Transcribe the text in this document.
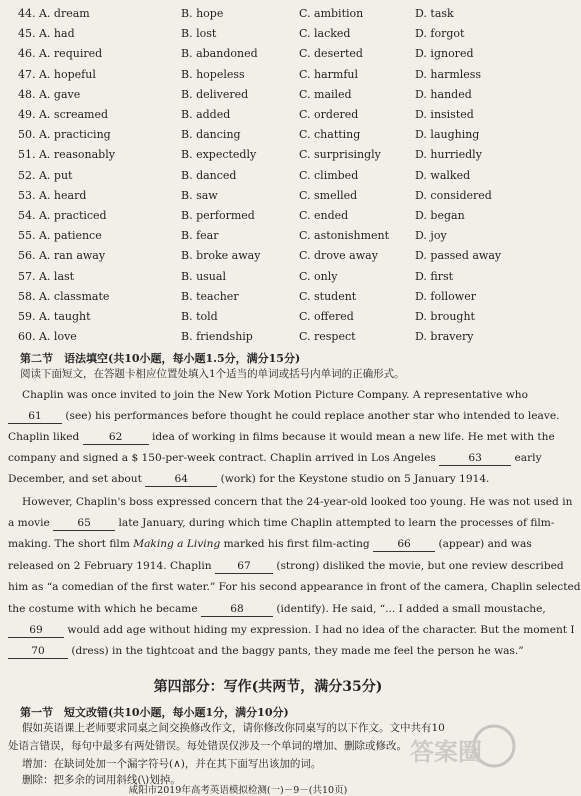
44. A. dream	B. hope	C. ambition	D. task
45. A. had	B. lost	C. lacked	D. forgot
46. A. required	B. abandoned	C. deserted	D. ignored
47. A. hopeful	B. hopeless	C. harmful	D. harmless
48. A. gave	B. delivered	C. mailed	D. handed
49. A. screamed	B. added	C. ordered	D. insisted
50. A. practicing	B. dancing	C. chatting	D. laughing
51. A. reasonably	B. expectedly	C. surprisingly	D. hurriedly
52. A. put	B. danced	C. climbed	D. walked
53. A. heard	B. saw	C. smelled	D. considered
54. A. practiced	B. performed	C. ended	D. began
55. A. patience	B. fear	C. astonishment D. joy
56. A. ran away	B. broke away	C. drove away	D. passed away
57. A. last	B. usual	C. only	D. first
58. A. classmate	B. teacher	C. student	D. follower
59. A. taught	B. told	C. offered	D. brought
60. A. love	B. friendship	C. respect	D. bravery
第二节　语法填空(共10小题，每小题1.5分，满分15分)
阅读下面短文，在答题卡相应位置处填入1个适当的单词或括号内单词的正确形式。
Chaplin was once invited to join the New York Motion Picture Company. A representative who
61 (see) his performances before thought he could replace another star who intended to leave.
Chaplin liked	62	idea of working in films because it would mean a new life. He met with the
company and signed a $ 150-per-week contract. Chaplin arrived in Los Angeles	63	early
December, and set about	64	(work) for the Keystone studio on 5 January 1914.
However, Chaplin's boss expressed concern that the 24-year-old looked too young. He was not used in
a movie	65	late January, during which time Chaplin attempted to learn the processes of film-
making. The short film Making a Living marked his first film-acting	66	(appear) and was
released on 2 February 1914. Chaplin 67 (strong) disliked the movie, but one review described
him as “a comedian of the first water.” For his second appearance in front of the camera, Chaplin selected
the costume with which he became	68	(identify). He said, “... I added a small moustache,
69 would add age without hiding my expression. I had no idea of the character. But the moment I
70	(dress) in the tightcoat and the baggy pants, they made me feel the person he was.”
第四部分：写作(共两节，满分35分)
第一节　短文改错(共10小题，每小题1分，满分10分)
假如英语课上老师要求同桌之间交换修改作文，请你修改你同桌写的以下作文。文中共有10
处语言错误，每句中最多有两处错误。每处错误仅涉及一个单词的增加、删除或修改。
增加：在缺词处加一个漏字符号(∧)，并在其下面写出该加的词。
删除：把多余的词用斜线(\)划掉。
咸阳市2019年高考英语模拟检测(一)－9－(共10页)
答案圈
